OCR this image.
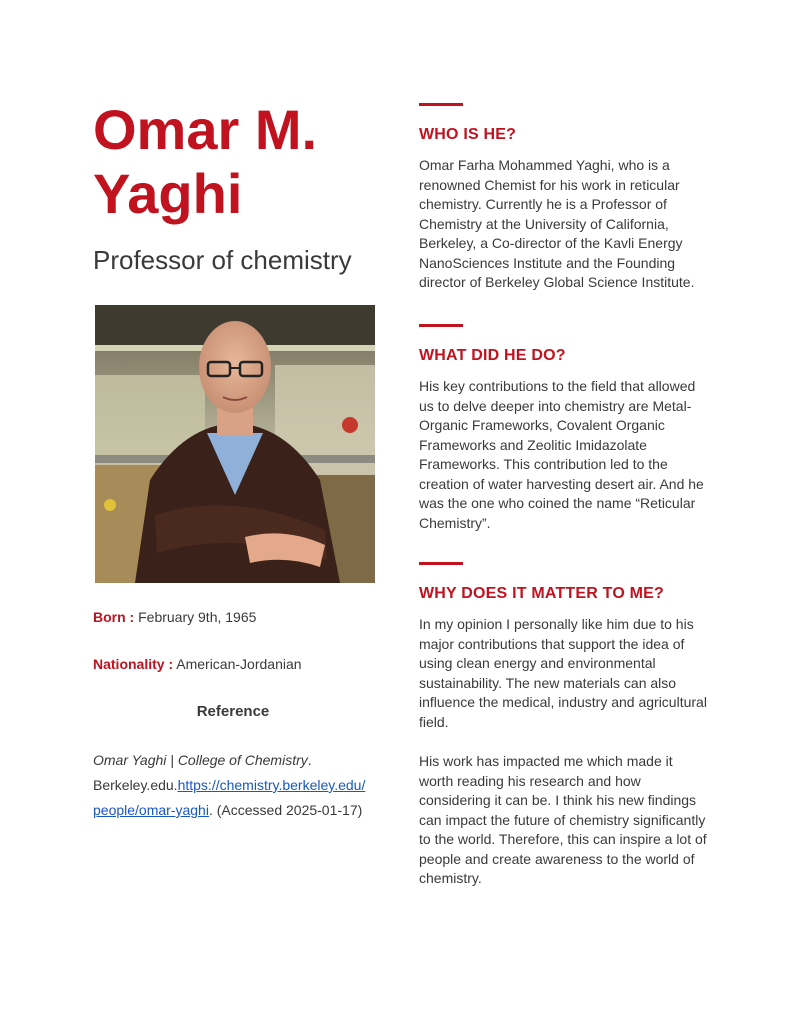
Omar M. Yaghi

Professor of chemistry

Born : February 9th, 1965

Nationality : American-Jordanian

Reference

Omar Yaghi | College of Chemistry.
Berkeley.edu.https://chemistry.berkeley.edu/
people/omar-yaghi. (Accessed 2025-01-17)

WHO IS HE?

Omar Farha Mohammed Yaghi, who is a renowned Chemist for his work in reticular chemistry. Currently he is a Professor of Chemistry at the University of California, Berkeley, a Co-director of the Kavli Energy NanoSciences Institute and the Founding director of Berkeley Global Science Institute.

WHAT DID HE DO?

His key contributions to the field that allowed us to delve deeper into chemistry are Metal-Organic Frameworks, Covalent Organic Frameworks and Zeolitic Imidazolate Frameworks. This contribution led to the creation of water harvesting desert air. And he was the one who coined the name “Reticular Chemistry”.

WHY DOES IT MATTER TO ME?

In my opinion I personally like him due to his major contributions that support the idea of using clean energy and environmental sustainability. The new materials can also influence the medical, industry and agricultural field.

His work has impacted me which made it worth reading his research and how considering it can be. I think his new findings can impact the future of chemistry significantly to the world. Therefore, this can inspire a lot of people and create awareness to the world of chemistry.
